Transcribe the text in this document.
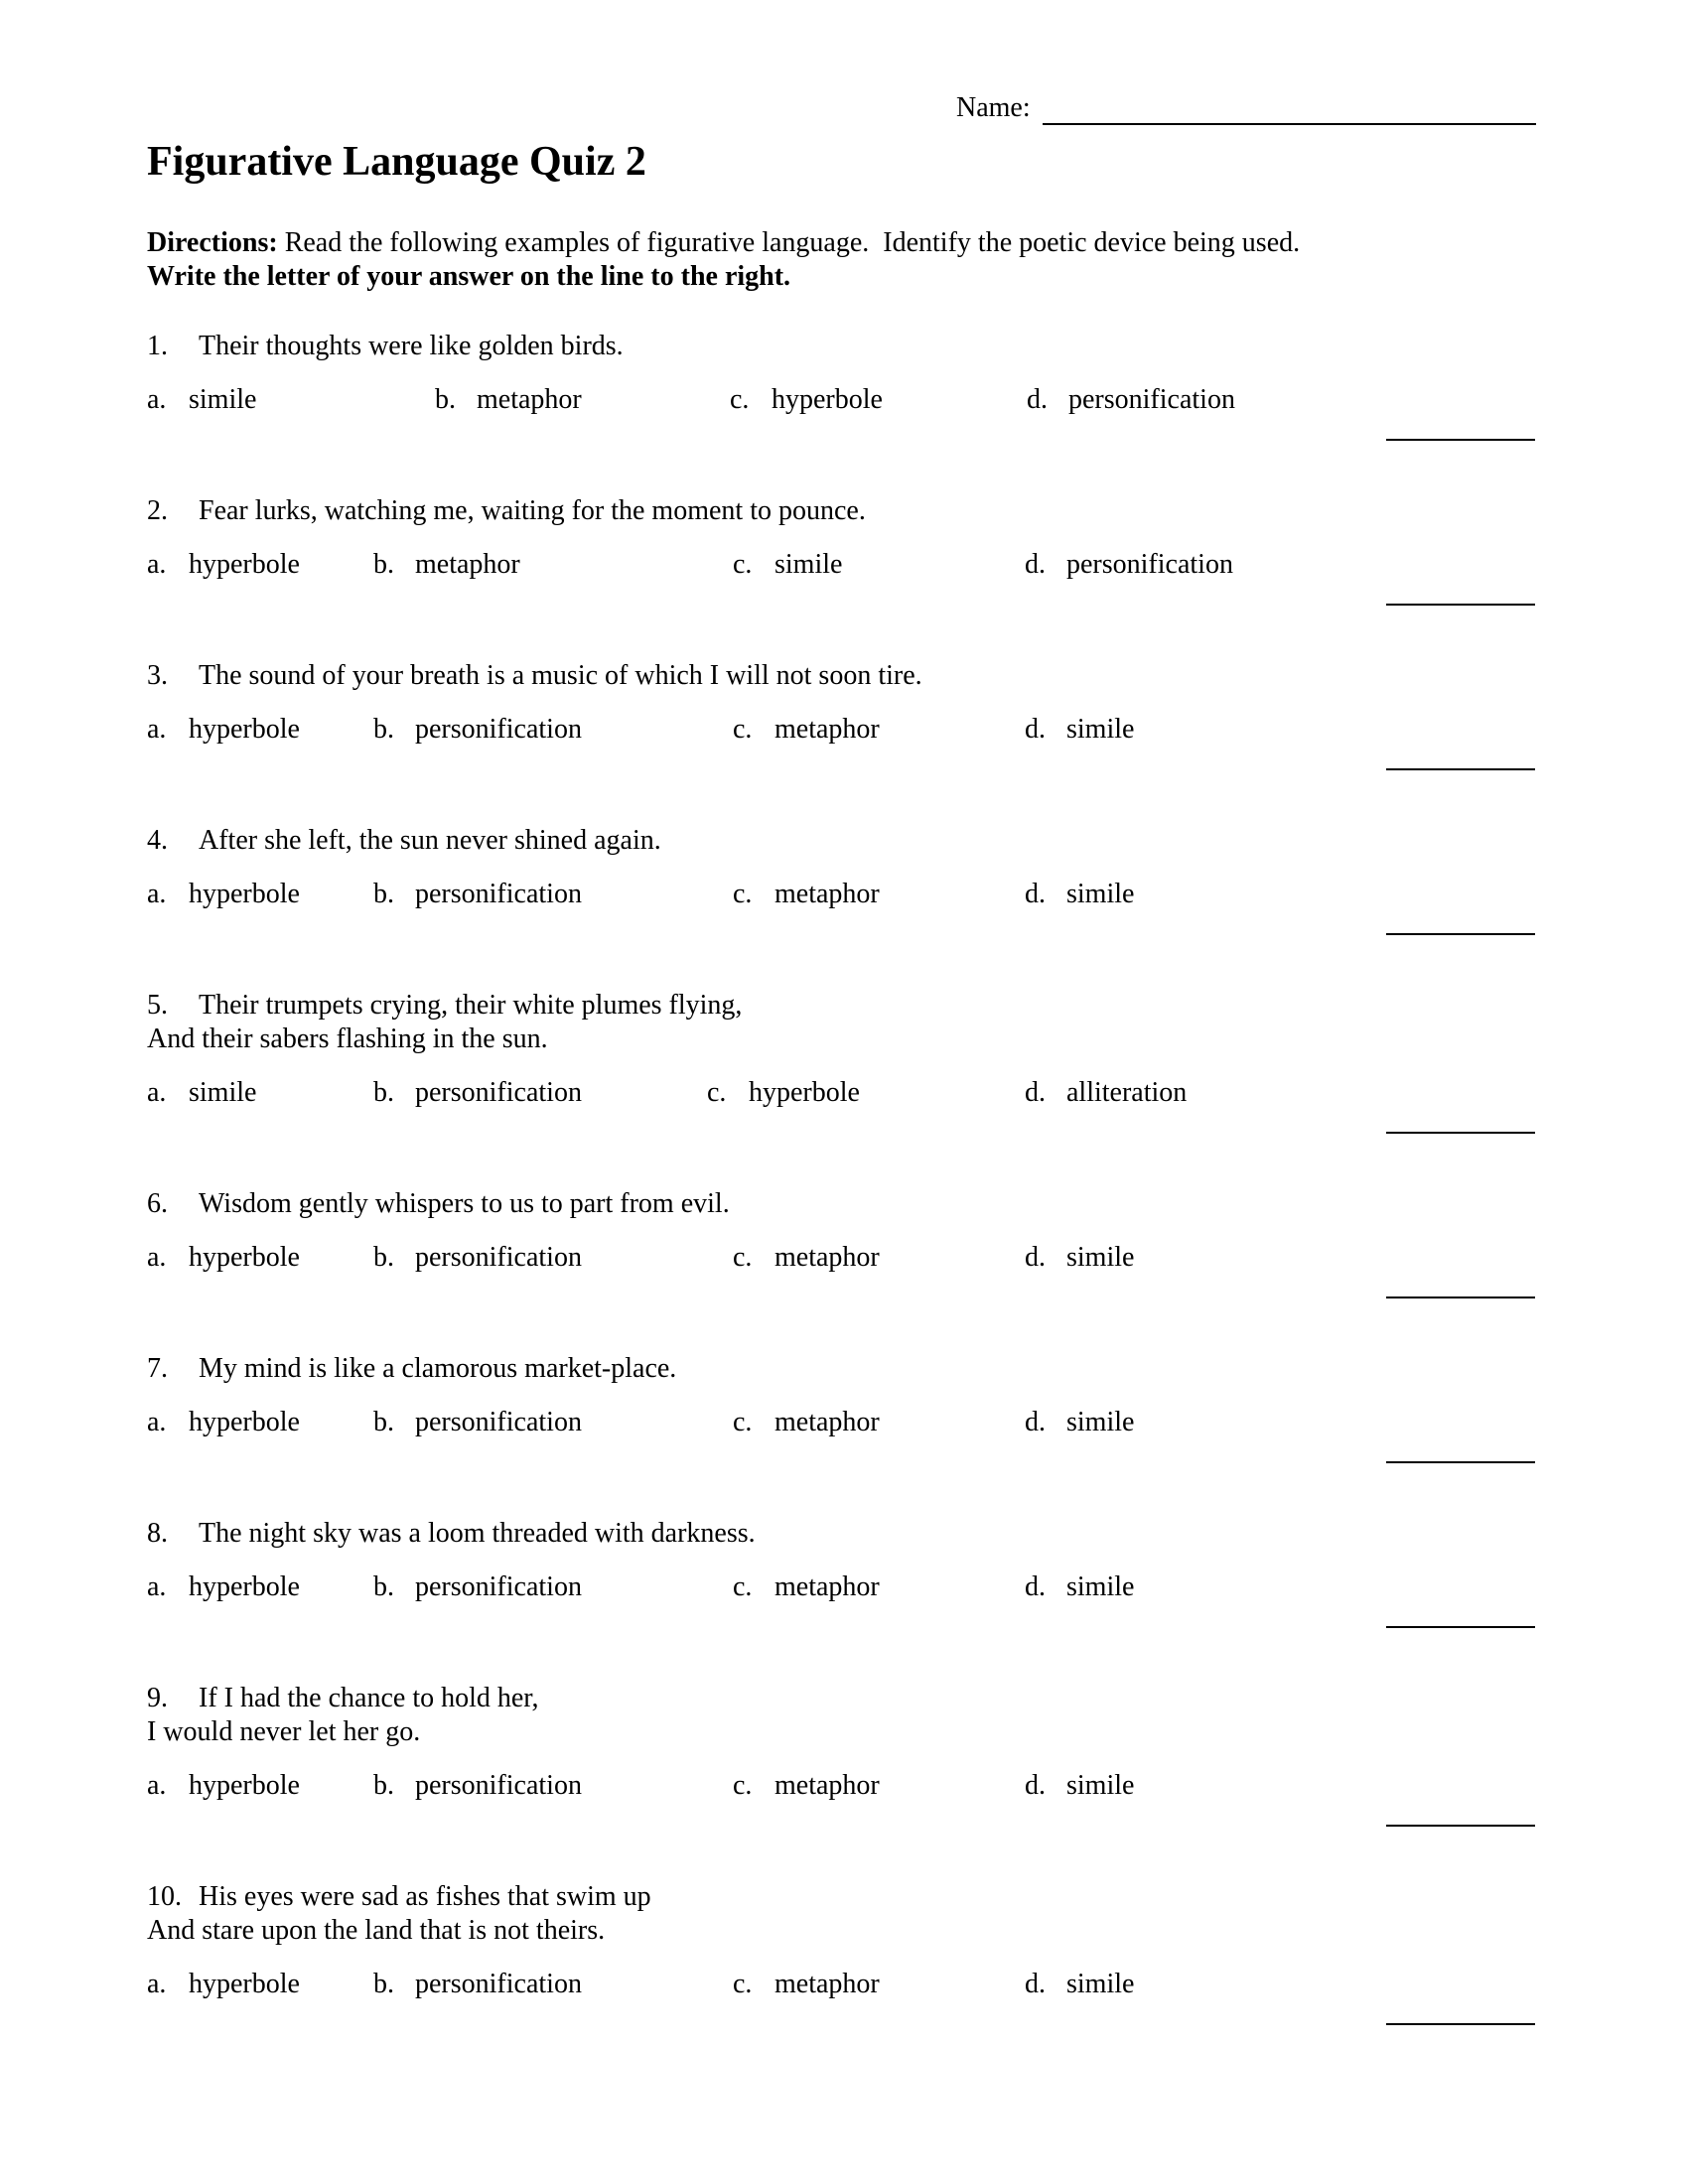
Name:
Figurative Language Quiz 2
Directions: Read the following examples of figurative language.  Identify the poetic device being used.
Write the letter of your answer on the line to the right.
1. Their thoughts were like golden birds.
a. simile	b. metaphor	c. hyperbole	d. personification
2. Fear lurks, watching me, waiting for the moment to pounce.
a. hyperbole	b. metaphor	c. simile	d. personification
3. The sound of your breath is a music of which I will not soon tire.
a. hyperbole	b. personification	c. metaphor	d. simile
4. After she left, the sun never shined again.
a. hyperbole	b. personification	c. metaphor	d. simile
5. Their trumpets crying, their white plumes flying,
And their sabers flashing in the sun.
a. simile	b. personification	c. hyperbole	d. alliteration
6. Wisdom gently whispers to us to part from evil.
a. hyperbole	b. personification	c. metaphor	d. simile
7. My mind is like a clamorous market-place.
a. hyperbole	b. personification	c. metaphor	d. simile
8. The night sky was a loom threaded with darkness.
a. hyperbole	b. personification	c. metaphor	d. simile
9. If I had the chance to hold her,
I would never let her go.
a. hyperbole	b. personification	c. metaphor	d. simile
10. His eyes were sad as fishes that swim up
And stare upon the land that is not theirs.
a. hyperbole	b. personification	c. metaphor	d. simile
